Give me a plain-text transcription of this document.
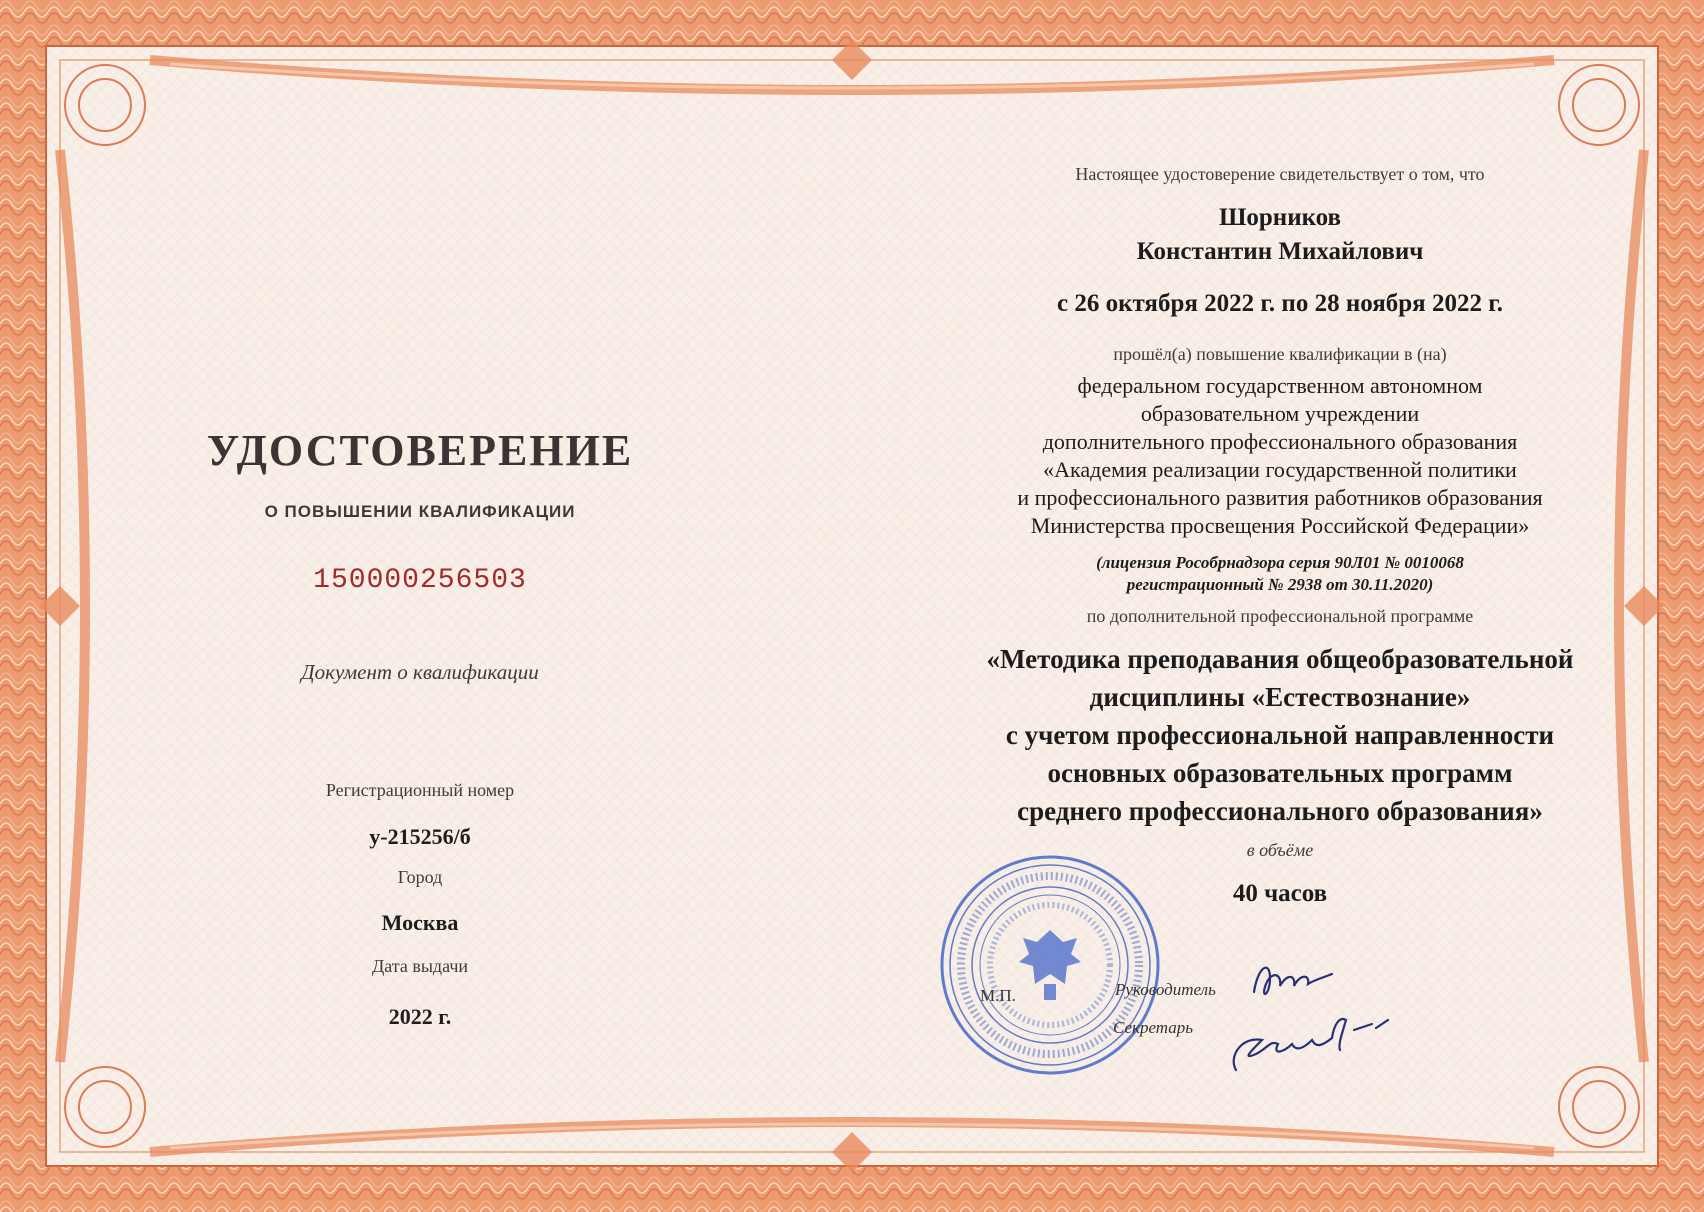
УДОСТОВЕРЕНИЕ
О ПОВЫШЕНИИ КВАЛИФИКАЦИИ
150000256503
Документ о квалификации
Регистрационный номер
у-215256/б
Город
Москва
Дата выдачи
2022 г.
Настоящее удостоверение свидетельствует о том, что
Шорников
Константин Михайлович
с 26 октября 2022 г. по 28 ноября 2022 г.
прошёл(а) повышение квалификации в (на)
федеральном государственном автономном
образовательном учреждении
дополнительного профессионального образования
«Академия реализации государственной политики
и профессионального развития работников образования
Министерства просвещения Российской Федерации»
(лицензия Рособрнадзора серия 90Л01 № 0010068
регистрационный № 2938 от 30.11.2020)
по дополнительной профессиональной программе
«Методика преподавания общеобразовательной
дисциплины «Естествознание»
с учетом профессиональной направленности
основных образовательных программ
среднего профессионального образования»
в объёме
40 часов
М.П.	Руководитель
Секретарь
